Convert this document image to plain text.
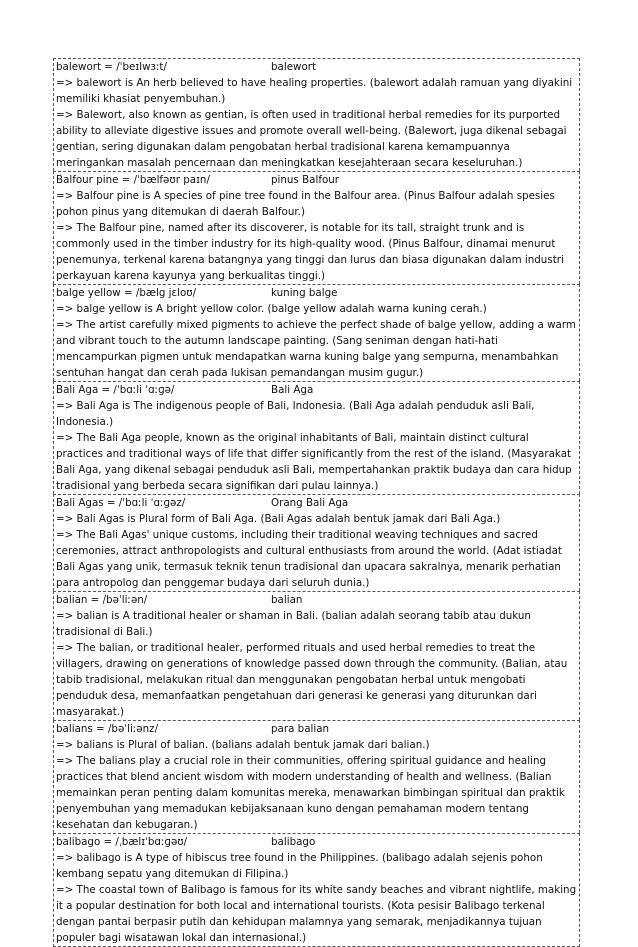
balewort = /ˈbeɪlwɜːt/	balewort
=> balewort is An herb believed to have healing properties. (balewort adalah ramuan yang diyakini memiliki khasiat penyembuhan.)
=> Balewort, also known as gentian, is often used in traditional herbal remedies for its purported ability to alleviate digestive issues and promote overall well-being. (Balewort, juga dikenal sebagai gentian, sering digunakan dalam pengobatan herbal tradisional karena kemampuannya meringankan masalah pencernaan dan meningkatkan kesejahteraan secara keseluruhan.)
Balfour pine = /ˈbælfəʊr paɪn/	pinus Balfour
=> Balfour pine is A species of pine tree found in the Balfour area. (Pinus Balfour adalah spesies pohon pinus yang ditemukan di daerah Balfour.)
=> The Balfour pine, named after its discoverer, is notable for its tall, straight trunk and is commonly used in the timber industry for its high-quality wood. (Pinus Balfour, dinamai menurut penemunya, terkenal karena batangnya yang tinggi dan lurus dan biasa digunakan dalam industri perkayuan karena kayunya yang berkualitas tinggi.)
balge yellow = /bælg jɛloʊ/	kuning balge
=> balge yellow is A bright yellow color. (balge yellow adalah warna kuning cerah.)
=> The artist carefully mixed pigments to achieve the perfect shade of balge yellow, adding a warm and vibrant touch to the autumn landscape painting. (Sang seniman dengan hati-hati mencampurkan pigmen untuk mendapatkan warna kuning balge yang sempurna, menambahkan sentuhan hangat dan cerah pada lukisan pemandangan musim gugur.)
Bali Aga = /ˈbɑːli ˈɑːɡə/	Bali Aga
=> Bali Aga is The indigenous people of Bali, Indonesia. (Bali Aga adalah penduduk asli Bali, Indonesia.)
=> The Bali Aga people, known as the original inhabitants of Bali, maintain distinct cultural practices and traditional ways of life that differ significantly from the rest of the island. (Masyarakat Bali Aga, yang dikenal sebagai penduduk asli Bali, mempertahankan praktik budaya dan cara hidup tradisional yang berbeda secara signifikan dari pulau lainnya.)
Bali Agas = /ˈbɑːli ˈɑːɡəz/	Orang Bali Aga
=> Bali Agas is Plural form of Bali Aga. (Bali Agas adalah bentuk jamak dari Bali Aga.)
=> The Bali Agas' unique customs, including their traditional weaving techniques and sacred ceremonies, attract anthropologists and cultural enthusiasts from around the world. (Adat istiadat Bali Agas yang unik, termasuk teknik tenun tradisional dan upacara sakralnya, menarik perhatian para antropolog dan penggemar budaya dari seluruh dunia.)
balian = /bəˈliːən/	balian
=> balian is A traditional healer or shaman in Bali. (balian adalah seorang tabib atau dukun tradisional di Bali.)
=> The balian, or traditional healer, performed rituals and used herbal remedies to treat the villagers, drawing on generations of knowledge passed down through the community. (Balian, atau tabib tradisional, melakukan ritual dan menggunakan pengobatan herbal untuk mengobati penduduk desa, memanfaatkan pengetahuan dari generasi ke generasi yang diturunkan dari masyarakat.)
balians = /bəˈliːənz/	para balian
=> balians is Plural of balian. (balians adalah bentuk jamak dari balian.)
=> The balians play a crucial role in their communities, offering spiritual guidance and healing practices that blend ancient wisdom with modern understanding of health and wellness. (Balian memainkan peran penting dalam komunitas mereka, menawarkan bimbingan spiritual dan praktik penyembuhan yang memadukan kebijaksanaan kuno dengan pemahaman modern tentang kesehatan dan kebugaran.)
balibago = /ˌbælɪˈbɑːɡəʊ/	balibago
=> balibago is A type of hibiscus tree found in the Philippines. (balibago adalah sejenis pohon kembang sepatu yang ditemukan di Filipina.)
=> The coastal town of Balibago is famous for its white sandy beaches and vibrant nightlife, making it a popular destination for both local and international tourists. (Kota pesisir Balibago terkenal dengan pantai berpasir putih dan kehidupan malamnya yang semarak, menjadikannya tujuan populer bagi wisatawan lokal dan internasional.)
